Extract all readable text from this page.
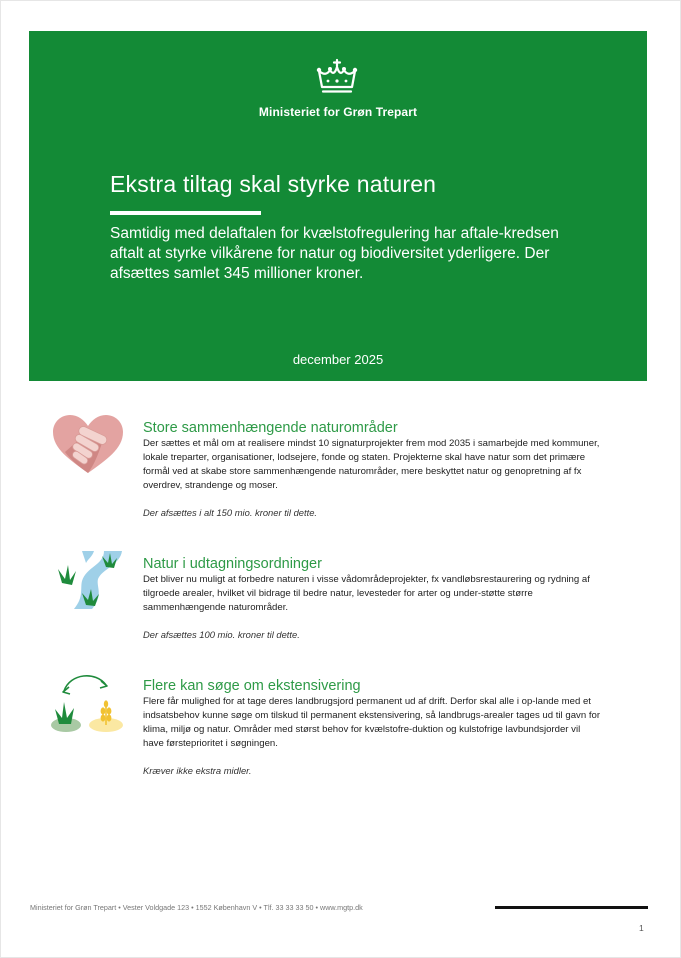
Ministeriet for Grøn Trepart
Ekstra tiltag skal styrke naturen

Samtidig med delaftalen for kvælstofregulering har aftale-kredsen aftalt at styrke vilkårene for natur og biodiversitet yderligere. Der afsættes samlet 345 millioner kroner.

december 2025
Store sammenhængende naturområder

Der sættes et mål om at realisere mindst 10 signaturprojekter frem mod 2035 i samarbejde med kommuner, lokale treparter, organisationer, lodsejere, fonde og staten. Projekterne skal have natur som det primære formål ved at skabe store sammenhængende naturområder, mere beskyttet natur og genopretning af fx overdrev, strandenge og moser.

Der afsættes i alt 150 mio. kroner til dette.

Natur i udtagningsordninger

Det bliver nu muligt at forbedre naturen i visse vådområdeprojekter, fx vandløbsrestaurering og rydning af tilgroede arealer, hvilket vil bidrage til bedre natur, levesteder for arter og under-støtte større sammenhængende naturområder.

Der afsættes 100 mio. kroner til dette.

Flere kan søge om ekstensivering

Flere får mulighed for at tage deres landbrugsjord permanent ud af drift. Derfor skal alle i op-lande med et indsatsbehov kunne søge om tilskud til permanent ekstensivering, så landbrugs-arealer tages ud til gavn for klima, miljø og natur. Områder med størst behov for kvælstofre-duktion og kulstofrige lavbundsjorder vil have førsteprioritet i søgningen.

Kræver ikke ekstra midler.

Ministeriet for Grøn Trepart • Vester Voldgade 123 • 1552 København V • Tlf. 33 33 33 50 • www.mgtp.dk
1
